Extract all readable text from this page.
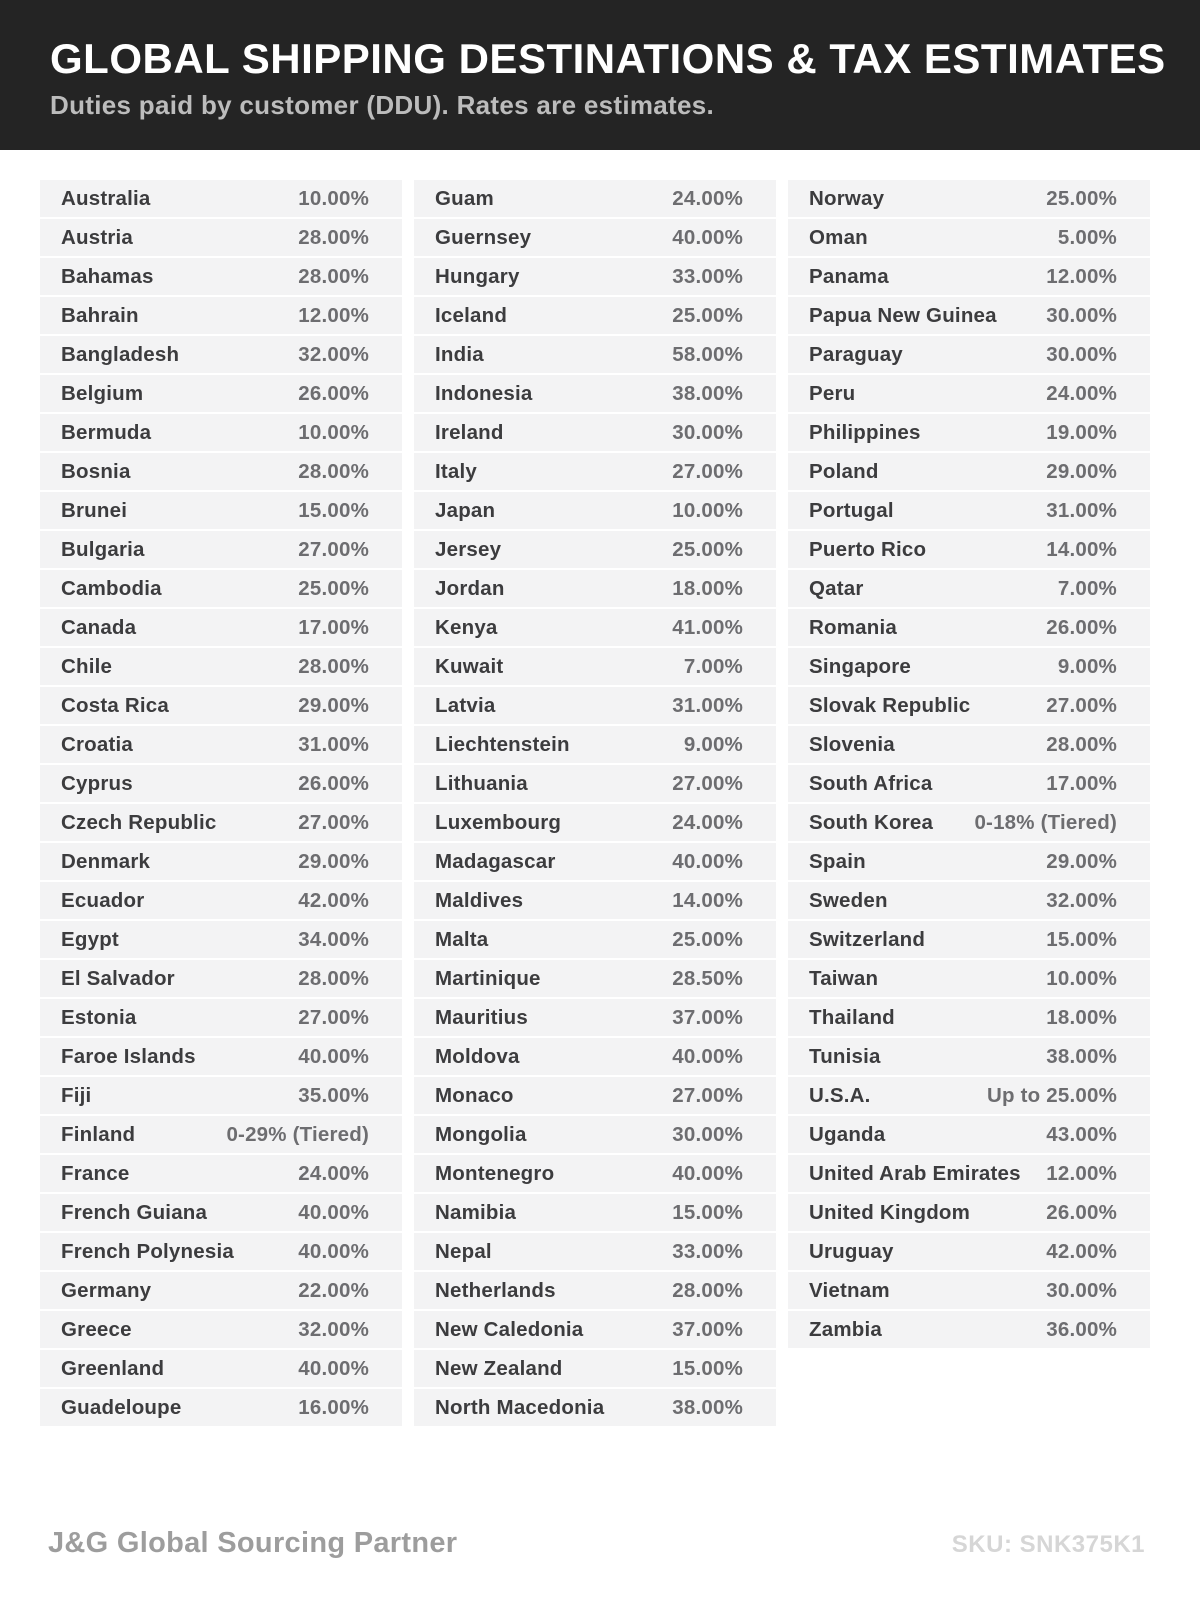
GLOBAL SHIPPING DESTINATIONS & TAX ESTIMATES
Duties paid by customer (DDU). Rates are estimates.
Australia	10.00%
Austria	28.00%
Bahamas	28.00%
Bahrain	12.00%
Bangladesh	32.00%
Belgium	26.00%
Bermuda	10.00%
Bosnia	28.00%
Brunei	15.00%
Bulgaria	27.00%
Cambodia	25.00%
Canada	17.00%
Chile	28.00%
Costa Rica	29.00%
Croatia	31.00%
Cyprus	26.00%
Czech Republic	27.00%
Denmark	29.00%
Ecuador	42.00%
Egypt	34.00%
El Salvador	28.00%
Estonia	27.00%
Faroe Islands	40.00%
Fiji	35.00%
Finland	0-29% (Tiered)
France	24.00%
French Guiana	40.00%
French Polynesia	40.00%
Germany	22.00%
Greece	32.00%
Greenland	40.00%
Guadeloupe	16.00%
Guam	24.00%
Guernsey	40.00%
Hungary	33.00%
Iceland	25.00%
India	58.00%
Indonesia	38.00%
Ireland	30.00%
Italy	27.00%
Japan	10.00%
Jersey	25.00%
Jordan	18.00%
Kenya	41.00%
Kuwait	7.00%
Latvia	31.00%
Liechtenstein	9.00%
Lithuania	27.00%
Luxembourg	24.00%
Madagascar	40.00%
Maldives	14.00%
Malta	25.00%
Martinique	28.50%
Mauritius	37.00%
Moldova	40.00%
Monaco	27.00%
Mongolia	30.00%
Montenegro	40.00%
Namibia	15.00%
Nepal	33.00%
Netherlands	28.00%
New Caledonia	37.00%
New Zealand	15.00%
North Macedonia	38.00%
Norway	25.00%
Oman	5.00%
Panama	12.00%
Papua New Guinea 30.00%
Paraguay	30.00%
Peru	24.00%
Philippines	19.00%
Poland	29.00%
Portugal	31.00%
Puerto Rico	14.00%
Qatar	7.00%
Romania	26.00%
Singapore	9.00%
Slovak Republic	27.00%
Slovenia	28.00%
South Africa	17.00%
South Korea 0-18% (Tiered)
Spain	29.00%
Sweden	32.00%
Switzerland	15.00%
Taiwan	10.00%
Thailand	18.00%
Tunisia	38.00%
U.S.A.	Up to 25.00%
Uganda	43.00%
United Arab Emirates 12.00%
United Kingdom	26.00%
Uruguay	42.00%
Vietnam	30.00%
Zambia	36.00%
J&G Global Sourcing Partner	SKU: SNK375K1
